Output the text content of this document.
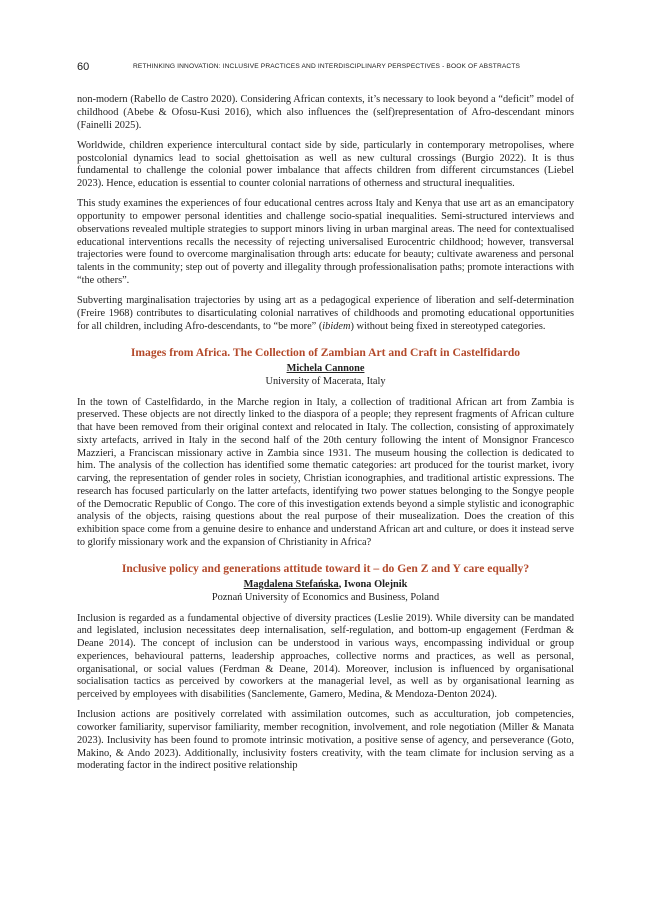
60	RETHINKING INNOVATION: INCLUSIVE PRACTICES AND INTERDISCIPLINARY PERSPECTIVES - BOOK OF ABSTRACTS

non-modern (Rabello de Castro 2020). Considering African contexts, it’s necessary to look beyond a “deficit” model of childhood (Abebe & Ofosu-Kusi 2016), which also influences the (self)representation of Afro-descendant minors (Fainelli 2025).

Worldwide, children experience intercultural contact side by side, particularly in contemporary metropolises, where postcolonial dynamics lead to social ghettoisation as well as new cultural crossings (Burgio 2022). It is thus fundamental to challenge the colonial power imbalance that affects children from different circumstances (Liebel 2023). Hence, education is essential to counter colonial narrations of otherness and structural inequalities.

This study examines the experiences of four educational centres across Italy and Kenya that use art as an emancipatory opportunity to empower personal identities and challenge socio-spatial inequalities. Semi-structured interviews and observations revealed multiple strategies to support minors living in urban marginal areas. The need for contextualised educational interventions recalls the necessity of rejecting universalised Eurocentric childhood; however, transversal trajectories were found to overcome marginalisation through arts: educate for beauty; cultivate awareness and personal talents in the community; step out of poverty and illegality through professionalisation paths; promote interactions with “the others”.

Subverting marginalisation trajectories by using art as a pedagogical experience of liberation and self-determination (Freire 1968) contributes to disarticulating colonial narratives of childhoods and promoting educational opportunities for all children, including Afro-descendants, to “be more” (ibidem) without being fixed in stereotyped categories.

Images from Africa. The Collection of Zambian Art and Craft in Castelfidardo
Michela Cannone
University of Macerata, Italy

In the town of Castelfidardo, in the Marche region in Italy, a collection of traditional African art from Zambia is preserved. These objects are not directly linked to the diaspora of a people; they represent fragments of African culture that have been removed from their original context and relocated in Italy. The collection, consisting of approximately sixty artefacts, arrived in Italy in the second half of the 20th century following the intent of Monsignor Francesco Mazzieri, a Franciscan missionary active in Zambia since 1931. The museum housing the collection is dedicated to him. The analysis of the collection has identified some thematic categories: art produced for the tourist market, ivory carving, the representation of gender roles in society, Christian iconographies, and traditional artistic expressions. The research has focused particularly on the latter artefacts, identifying two power statues belonging to the Songye people of the Democratic Republic of Congo. The core of this investigation extends beyond a simple stylistic and iconographic analysis of the objects, raising questions about the real purpose of their musealization. Does the creation of this exhibition space come from a genuine desire to enhance and understand African art and culture, or does it instead serve to glorify missionary work and the expansion of Christianity in Africa?

Inclusive policy and generations attitude toward it – do Gen Z and Y care equally?
Magdalena Stefańska, Iwona Olejnik
Poznań University of Economics and Business, Poland

Inclusion is regarded as a fundamental objective of diversity practices (Leslie 2019). While diversity can be mandated and legislated, inclusion necessitates deep internalisation, self-regulation, and bottom-up engagement (Ferdman & Deane 2014). The concept of inclusion can be understood in various ways, encompassing individual or group experiences, behavioural patterns, leadership approaches, collective norms and practices, as well as personal, organisational, or social values (Ferdman & Deane, 2014). Moreover, inclusion is influenced by organisational socialisation tactics as perceived by coworkers at the managerial level, as well as by organisational learning as perceived by employees with disabilities (Sanclemente, Gamero, Medina, & Mendoza-Denton 2024).

Inclusion actions are positively correlated with assimilation outcomes, such as acculturation, job competencies, coworker familiarity, supervisor familiarity, member recognition, involvement, and role negotiation (Miller & Manata 2023). Inclusivity has been found to promote intrinsic motivation, a positive sense of agency, and perseverance (Goto, Makino, & Ando 2023). Additionally, inclusivity fosters creativity, with the team climate for inclusion serving as a moderating factor in the indirect positive relationship
